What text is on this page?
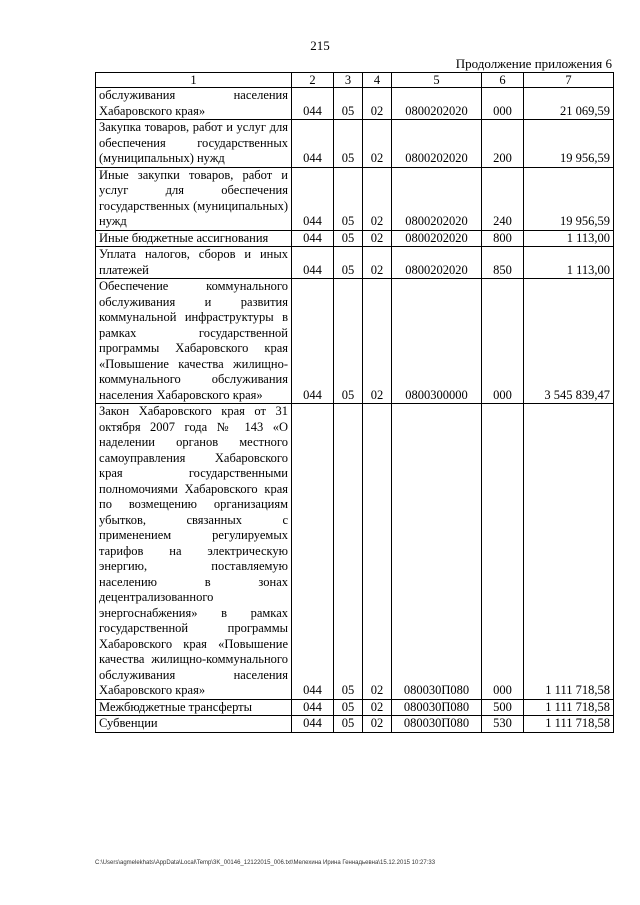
215
Продолжение приложения 6
1	2	3	4	5	6	7
обслуживания населения Хабаровского края»	044	05	02	0800202020	000	21 069,59
Закупка товаров, работ и услуг для обеспечения государственных (муниципальных) нужд	044	05	02	0800202020	200	19 956,59
Иные закупки товаров, работ и услуг для обеспечения государственных (муниципальных) нужд	044	05	02	0800202020	240	19 956,59
Иные бюджетные ассигнования	044	05	02	0800202020	800	1 113,00
Уплата налогов, сборов и иных платежей	044	05	02	0800202020	850	1 113,00
Обеспечение коммунального обслуживания и развития коммунальной инфраструктуры в рамках государственной программы Хабаровского края «Повышение качества жилищно-коммунального обслуживания населения Хабаровского края»	044	05	02	0800300000	000	3 545 839,47
Закон Хабаровского края от 31 октября 2007 года № 143 «О наделении органов местного самоуправления Хабаровского края государственными полномочиями Хабаровского края по возмещению организациям убытков, связанных с применением регулируемых тарифов на электрическую энергию, поставляемую населению в зонах децентрализованного энергоснабжения» в рамках государственной программы Хабаровского края «Повышение качества жилищно-коммунального обслуживания населения Хабаровского края»	044	05	02	080030П080	000	1 111 718,58
Межбюджетные трансферты	044	05	02	080030П080	500	1 111 718,58
Субвенции	044	05	02	080030П080	530	1 111 718,58
C:\Users\agmelekhats\AppData\Local\Temp\3K_00146_12122015_006.txt\Мелехина Ирина Геннадьевна\15.12.2015 10:27:33
